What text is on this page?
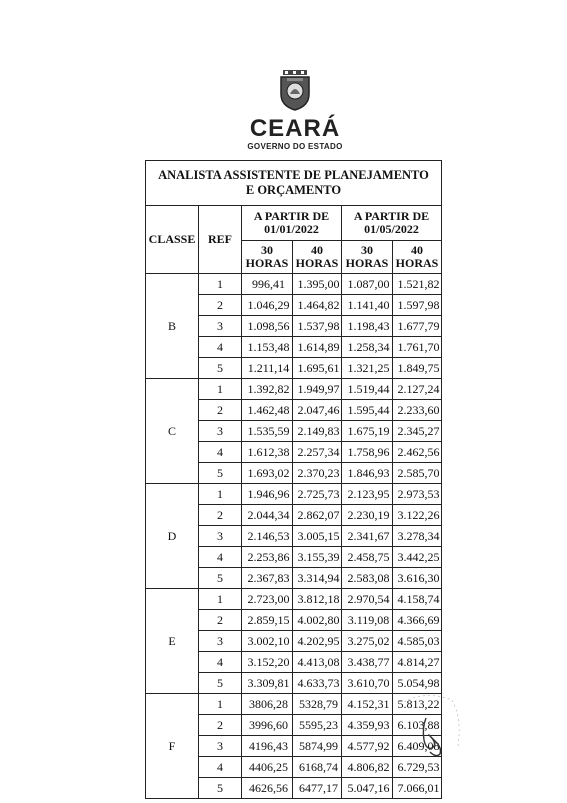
CEARÁ
GOVERNO DO ESTADO
ANALISTA ASSISTENTE DE PLANEJAMENTO E ORÇAMENTO					
CLASSE	REF	A PARTIR DE 01/01/2022		A PARTIR DE 01/05/2022	
		30 HORAS	40 HORAS	30 HORAS	40 HORAS
B	1	996,41	1.395,00	1.087,00	1.521,82
	2	1.046,29	1.464,82	1.141,40	1.597,98
	3	1.098,56	1.537,98	1.198,43	1.677,79
	4	1.153,48	1.614,89	1.258,34	1.761,70
	5	1.211,14	1.695,61	1.321,25	1.849,75
C	1	1.392,82	1.949,97	1.519,44	2.127,24
	2	1.462,48	2.047,46	1.595,44	2.233,60
	3	1.535,59	2.149,83	1.675,19	2.345,27
	4	1.612,38	2.257,34	1.758,96	2.462,56
	5	1.693,02	2.370,23	1.846,93	2.585,70
D	1	1.946,96	2.725,73	2.123,95	2.973,53
	2	2.044,34	2.862,07	2.230,19	3.122,26
	3	2.146,53	3.005,15	2.341,67	3.278,34
	4	2.253,86	3.155,39	2.458,75	3.442,25
	5	2.367,83	3.314,94	2.583,08	3.616,30
E	1	2.723,00	3.812,18	2.970,54	4.158,74
	2	2.859,15	4.002,80	3.119,08	4.366,69
	3	3.002,10	4.202,95	3.275,02	4.585,03
	4	3.152,20	4.413,08	3.438,77	4.814,27
	5	3.309,81	4.633,73	3.610,70	5.054,98
F	1	3806,28	5328,79	4.152,31	5.813,22
	2	3996,60	5595,23	4.359,93	6.103,88
	3	4196,43	5874,99	4.577,92	6.409,08
	4	4406,25	6168,74	4.806,82	6.729,53
	5	4626,56	6477,17	5.047,16	7.066,01
